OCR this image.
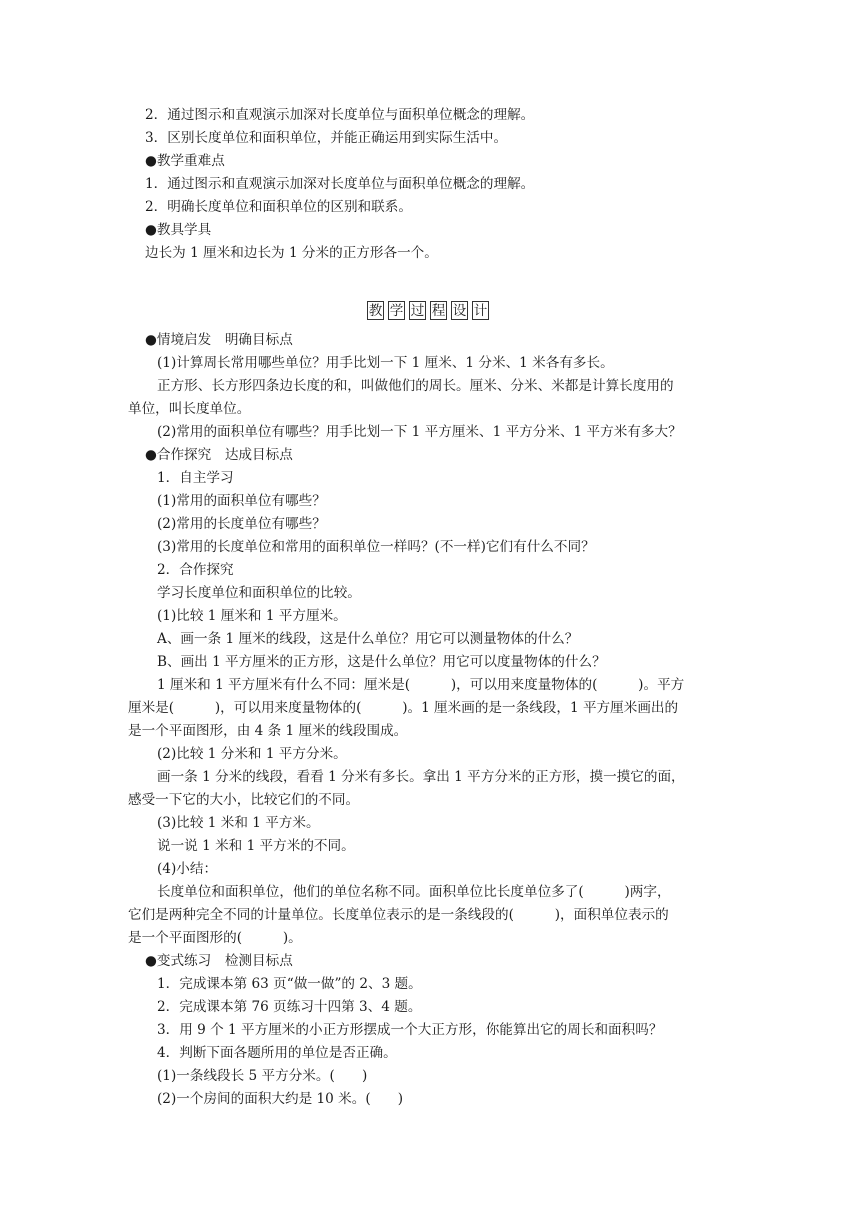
2．通过图示和直观演示加深对长度单位与面积单位概念的理解。
3．区别长度单位和面积单位，并能正确运用到实际生活中。
●教学重难点
1．通过图示和直观演示加深对长度单位与面积单位概念的理解。
2．明确长度单位和面积单位的区别和联系。
●教具学具
边长为 1 厘米和边长为 1 分米的正方形各一个。
教 学 过 程 设 计
●情境启发　明确目标点
(1)计算周长常用哪些单位？用手比划一下 1 厘米、1 分米、1 米各有多长。
正方形、长方形四条边长度的和，叫做他们的周长。厘米、分米、米都是计算长度用的
单位，叫长度单位。
(2)常用的面积单位有哪些？用手比划一下 1 平方厘米、1 平方分米、1 平方米有多大？
●合作探究　达成目标点
1．自主学习
(1)常用的面积单位有哪些？
(2)常用的长度单位有哪些？
(3)常用的长度单位和常用的面积单位一样吗？(不一样)它们有什么不同？
2．合作探究
学习长度单位和面积单位的比较。
(1)比较 1 厘米和 1 平方厘米。
A、画一条 1 厘米的线段，这是什么单位？用它可以测量物体的什么？
B、画出 1 平方厘米的正方形，这是什么单位？用它可以度量物体的什么？
1 厘米和 1 平方厘米有什么不同：厘米是(　　　)，可以用来度量物体的(　　　)。平方
厘米是(　　　)，可以用来度量物体的(　　　)。1 厘米画的是一条线段，1 平方厘米画出的
是一个平面图形，由 4 条 1 厘米的线段围成。
(2)比较 1 分米和 1 平方分米。
画一条 1 分米的线段，看看 1 分米有多长。拿出 1 平方分米的正方形，摸一摸它的面，
感受一下它的大小，比较它们的不同。
(3)比较 1 米和 1 平方米。
说一说 1 米和 1 平方米的不同。
(4)小结：
长度单位和面积单位，他们的单位名称不同。面积单位比长度单位多了(　　　)两字，
它们是两种完全不同的计量单位。长度单位表示的是一条线段的(　　　)，面积单位表示的
是一个平面图形的(　　　)。
●变式练习　检测目标点
1．完成课本第 63 页“做一做”的 2、3 题。
2．完成课本第 76 页练习十四第 3、4 题。
3．用 9 个 1 平方厘米的小正方形摆成一个大正方形，你能算出它的周长和面积吗？
4．判断下面各题所用的单位是否正确。
(1)一条线段长 5 平方分米。(　　)
(2)一个房间的面积大约是 10 米。(　　)
